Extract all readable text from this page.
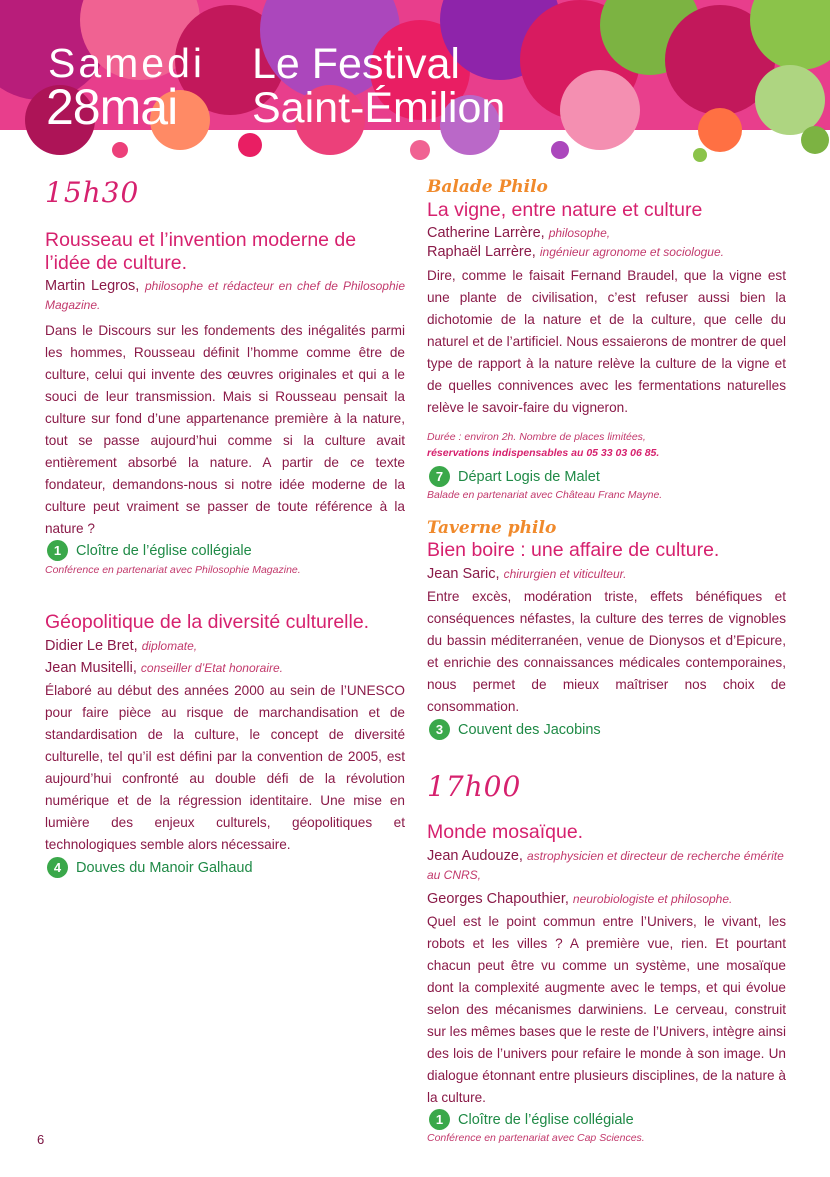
Samedi
28mai
Le Festival
Saint-Émilion
15h30
Rousseau et l’invention moderne de l’idée de culture.
Martin Legros, philosophe et rédacteur en chef de Philosophie Magazine.
Dans le Discours sur les fondements des inégalités parmi les hommes, Rousseau définit l’homme comme être de culture, celui qui invente des œuvres originales et qui a le souci de leur transmission. Mais si Rousseau pensait la culture sur fond d’une appartenance première à la nature, tout se passe aujourd’hui comme si la culture avait entièrement absorbé la nature. A partir de ce texte fondateur, demandons-nous si notre idée moderne de la culture peut vraiment se passer de toute référence à la nature ?
1	Cloître de l’église collégiale
Conférence en partenariat avec Philosophie Magazine.
Géopolitique de la diversité culturelle.
Didier Le Bret, diplomate,
Jean Musitelli, conseiller d’Etat honoraire.
Élaboré au début des années 2000 au sein de l’UNESCO pour faire pièce au risque de marchandisation et de standardisation de la culture, le concept de diversité culturelle, tel qu’il est défini par la convention de 2005, est aujourd’hui confronté au double défi de la révolution numérique et de la régression identitaire. Une mise en lumière des enjeux culturels, géopolitiques et technologiques semble alors nécessaire.
4	Douves du Manoir Galhaud
Balade Philo
La vigne, entre nature et culture
Catherine Larrère, philosophe,
Raphaël Larrère, ingénieur agronome et sociologue.
Dire, comme le faisait Fernand Braudel, que la vigne est une plante de civilisation, c’est refuser aussi bien la dichotomie de la nature et de la culture, que celle du naturel et de l’artificiel. Nous essaierons de montrer de quel type de rapport à la nature relève la culture de la vigne et de quelles connivences avec les fermentations naturelles relève le savoir-faire du vigneron.
Durée : environ 2h. Nombre de places limitées,
réservations indispensables au 05 33 03 06 85.
7	Départ Logis de Malet
Balade en partenariat avec Château Franc Mayne.
Taverne philo
Bien boire : une affaire de culture.
Jean Saric, chirurgien et viticulteur.
Entre excès, modération triste, effets bénéfiques et conséquences néfastes, la culture des terres de vignobles du bassin méditerranéen, venue de Dionysos et d’Epicure, et enrichie des connaissances médicales contemporaines, nous permet de mieux maîtriser nos choix de consommation.
3	Couvent des Jacobins
17h00
Monde mosaïque.
Jean Audouze, astrophysicien et directeur de recherche émérite au CNRS,
Georges Chapouthier, neurobiologiste et philosophe.
Quel est le point commun entre l’Univers, le vivant, les robots et les villes ? A première vue, rien. Et pourtant chacun peut être vu comme un système, une mosaïque dont la complexité augmente avec le temps, et qui évolue selon des mécanismes darwiniens. Le cerveau, construit sur les mêmes bases que le reste de l’Univers, intègre ainsi des lois de l’univers pour refaire le monde à son image. Un dialogue étonnant entre plusieurs disciplines, de la nature à la culture.
1	Cloître de l’église collégiale
Conférence en partenariat avec Cap Sciences.
6
